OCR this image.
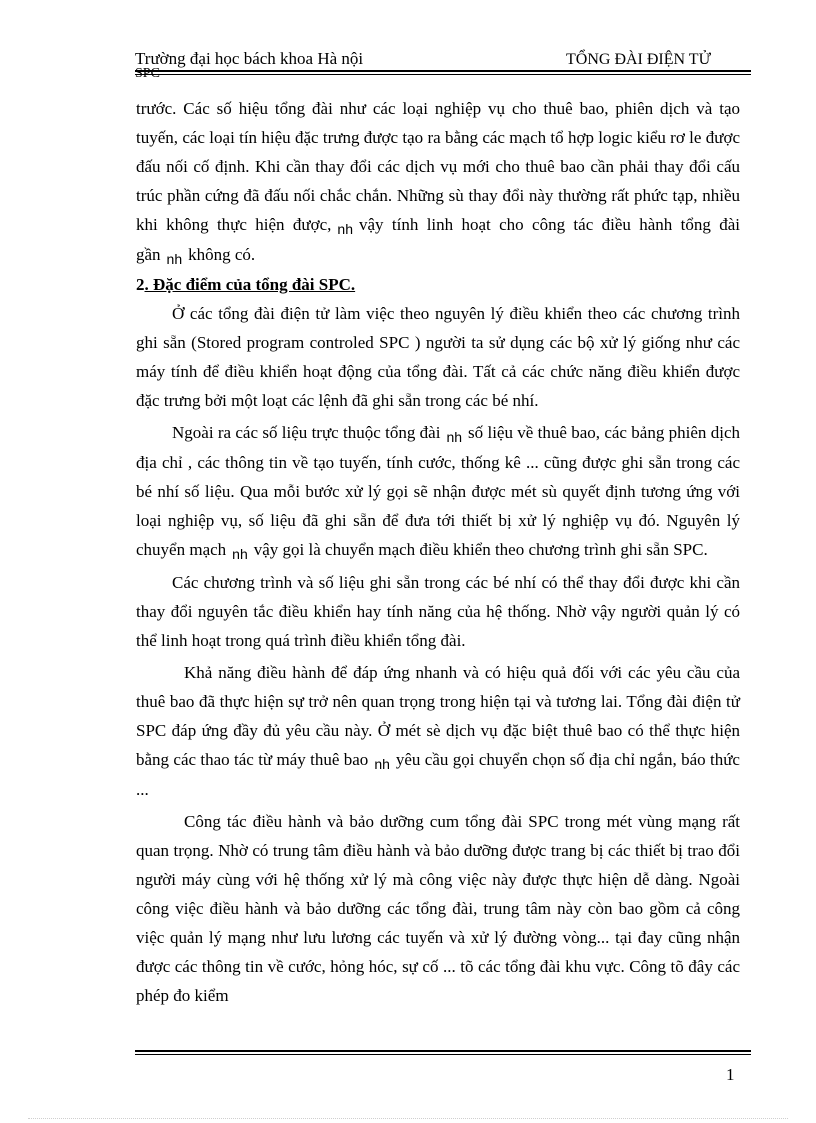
Trường đại học bách khoa Hà nội	TỔNG ĐÀI ĐIỆN TỬ
SPC

trước. Các số hiệu tổng đài như các loại nghiệp vụ cho thuê bao, phiên dịch và tạo tuyến, các loại tín hiệu đặc trưng được tạo ra bằng các mạch tổ hợp logic kiểu rơ le được đấu nối cố định. Khi cần thay đổi các dịch vụ mới cho thuê bao cần phải thay đổi cấu trúc phần cứng đã đấu nối chắc chắn. Những sù thay đổi này thường rất phức tạp, nhiều khi không thực hiện được, $_{nh}$ vậy tính linh hoạt cho công tác điều hành tổng đài gần $_{nh}$ không có.

2. Đặc điểm của tổng đài SPC.

Ở các tổng đài điện tử làm việc theo nguyên lý điều khiển theo các chương trình ghi sẵn (Stored program controled SPC ) người ta sử dụng các bộ xử lý giống như các máy tính để điều khiển hoạt động của tổng đài. Tất cả các chức năng điều khiển được đặc trưng bởi một loạt các lệnh đã ghi sẵn trong các bé nhí.

Ngoài ra các số liệu trực thuộc tổng đài $_{nh}$ số liệu về thuê bao, các bảng phiên dịch địa chỉ , các thông tin về tạo tuyến, tính cước, thống kê ... cũng được ghi sẵn trong các bé nhí số liệu. Qua mỗi bước xử lý gọi sẽ nhận được mét sù quyết định tương ứng với loại nghiệp vụ, số liệu đã ghi sẵn để đưa tới thiết bị xử lý nghiệp vụ đó. Nguyên lý chuyển mạch $_{nh}$ vậy gọi là chuyển mạch điều khiển theo chương trình ghi sẵn SPC.

Các chương trình và số liệu ghi sẵn trong các bé nhí có thể thay đổi được khi cần thay đổi nguyên tắc điều khiển hay tính năng của hệ thống. Nhờ vậy người quản lý có thể linh hoạt trong quá trình điều khiển tổng đài.

Khả năng điều hành để đáp ứng nhanh và có hiệu quả đối với các yêu cầu của thuê bao đã thực hiện sự trở nên quan trọng trong hiện tại và tương lai. Tổng đài điện tử SPC đáp ứng đầy đủ yêu cầu này. Ở mét sè dịch vụ đặc biệt thuê bao có thể thực hiện bằng các thao tác từ máy thuê bao $_{nh}$ yêu cầu gọi chuyển chọn số địa chỉ ngắn, báo thức ...

Công tác điều hành và bảo dưỡng cum tổng đài SPC trong mét vùng mạng rất quan trọng. Nhờ có trung tâm điều hành và bảo dưỡng được trang bị các thiết bị trao đổi người máy cùng với hệ thống xử lý mà công việc này được thực hiện dễ dàng. Ngoài công việc điều hành và bảo dưỡng các tổng đài, trung tâm này còn bao gồm cả công việc quản lý mạng như lưu lương các tuyến và xử lý đường vòng... tại đay cũng nhận được các thông tin về cước, hỏng hóc, sự cố ... tõ các tổng đài khu vực. Công tõ đây các phép đo kiểm

1
